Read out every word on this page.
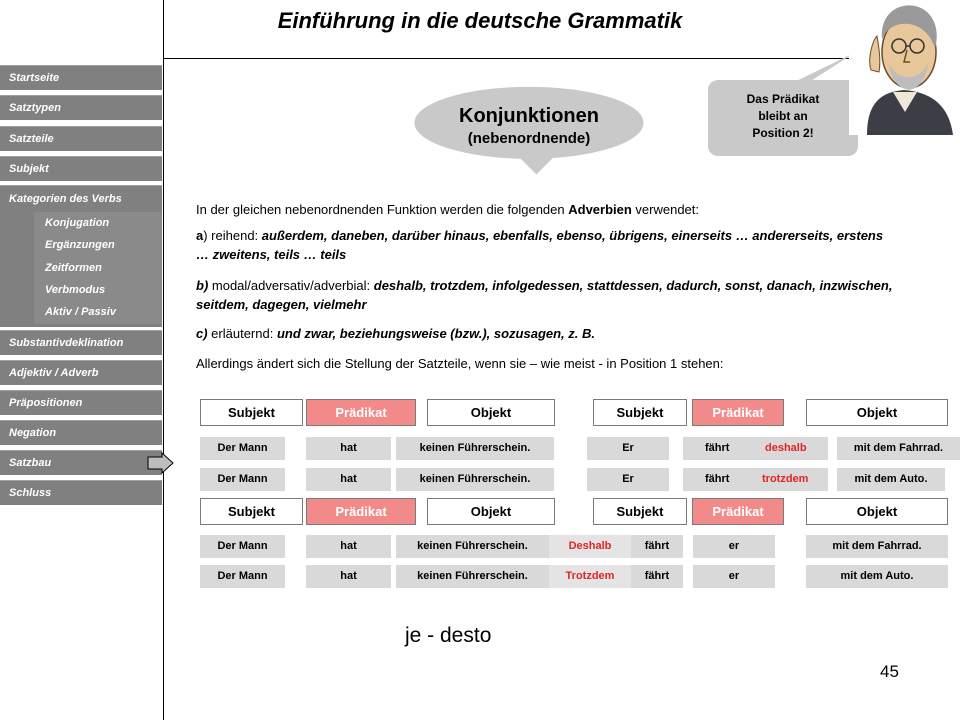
Einführung in die deutsche Grammatik
Startseite
Satztypen
Satzteile
Subjekt
Kategorien des Verbs
Konjugation
Ergänzungen
Zeitformen
Verbmodus
Aktiv / Passiv
Substantivdeklination
Adjektiv / Adverb
Präpositionen
Negation
Satzbau
Schluss
Konjunktionen
(nebenordnende)
Das Prädikat
bleibt an
Position 2!
In der gleichen nebenordnenden Funktion werden die folgenden Adverbien verwendet:
a) reihend: außerdem, daneben, darüber hinaus, ebenfalls, ebenso, übrigens, einerseits … andererseits, erstens … zweitens, teils … teils
b) modal/adversativ/adverbial: deshalb, trotzdem, infolgedessen, stattdessen, dadurch, sonst, danach, inzwischen, seitdem, dagegen, vielmehr
c) erläuternd: und zwar, beziehungsweise (bzw.), sozusagen, z. B.
Allerdings ändert sich die Stellung der Satzteile, wenn sie – wie meist - in Position 1 stehen:
Subjekt	Prädikat	Objekt	Subjekt	Prädikat	Objekt
Der Mann	hat	keinen Führerschein.	Er	fährt	deshalb	mit dem Fahrrad.
Der Mann	hat	keinen Führerschein.	Er	fährt	trotzdem	mit dem Auto.
Subjekt	Prädikat	Objekt	Subjekt	Prädikat	Objekt
Der Mann	hat	keinen Führerschein.	Deshalb	fährt	er	mit dem Fahrrad.
Der Mann	hat	keinen Führerschein.	Trotzdem	fährt	er	mit dem Auto.
je - desto
45
